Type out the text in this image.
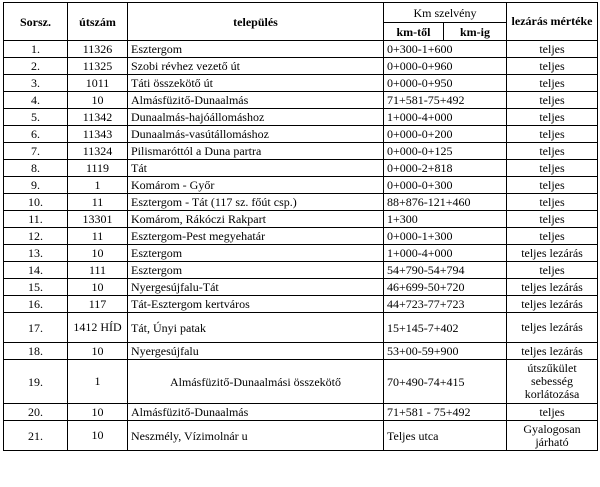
Sorsz.	útszám	település	Km szelvény		lezárás mértéke
			km-től	km-ig	
1.	11326	Esztergom	0+300-1+600		teljes
2.	11325	Szobi révhez vezető út	0+000-0+960		teljes
3.	1011	Táti összekötő út	0+000-0+950		teljes
4.	10	Almásfüzitő-Dunaalmás	71+581-75+492		teljes
5.	11342	Dunaalmás-hajóállomáshoz	1+000-4+000		teljes
6.	11343	Dunaalmás-vasútállomáshoz	0+000-0+200		teljes
7.	11324	Pilismaróttól a Duna partra	0+000-0+125		teljes
8.	1119	Tát	0+000-2+818		teljes
9.	1	Komárom - Győr	0+000-0+300		teljes
10.	11	Esztergom - Tát (117 sz. főút csp.)	88+876-121+460		teljes
11.	13301	Komárom, Rákóczi Rakpart	1+300		teljes
12.	11	Esztergom-Pest megyehatár	0+000-1+300		teljes
13.	10	Esztergom	1+000-4+000		teljes lezárás
14.	111	Esztergom	54+790-54+794		teljes
15.	10	Nyergesújfalu-Tát	46+699-50+720		teljes lezárás
16.	117	Tát-Esztergom kertváros	44+723-77+723		teljes lezárás
17.	1412 HÍD	Tát, Únyi patak	15+145-7+402		teljes lezárás
18.	10	Nyergesújfalu	53+00-59+900		teljes lezárás
19.	1	Almásfüzitő-Dunaalmási összekötő	70+490-74+415		útszűkület sebesség korlátozása
20.	10	Almásfüzitő-Dunaalmás	71+581 - 75+492		teljes
21.	10	Neszmély, Vízimolnár u	Teljes utca		Gyalogosan járható
